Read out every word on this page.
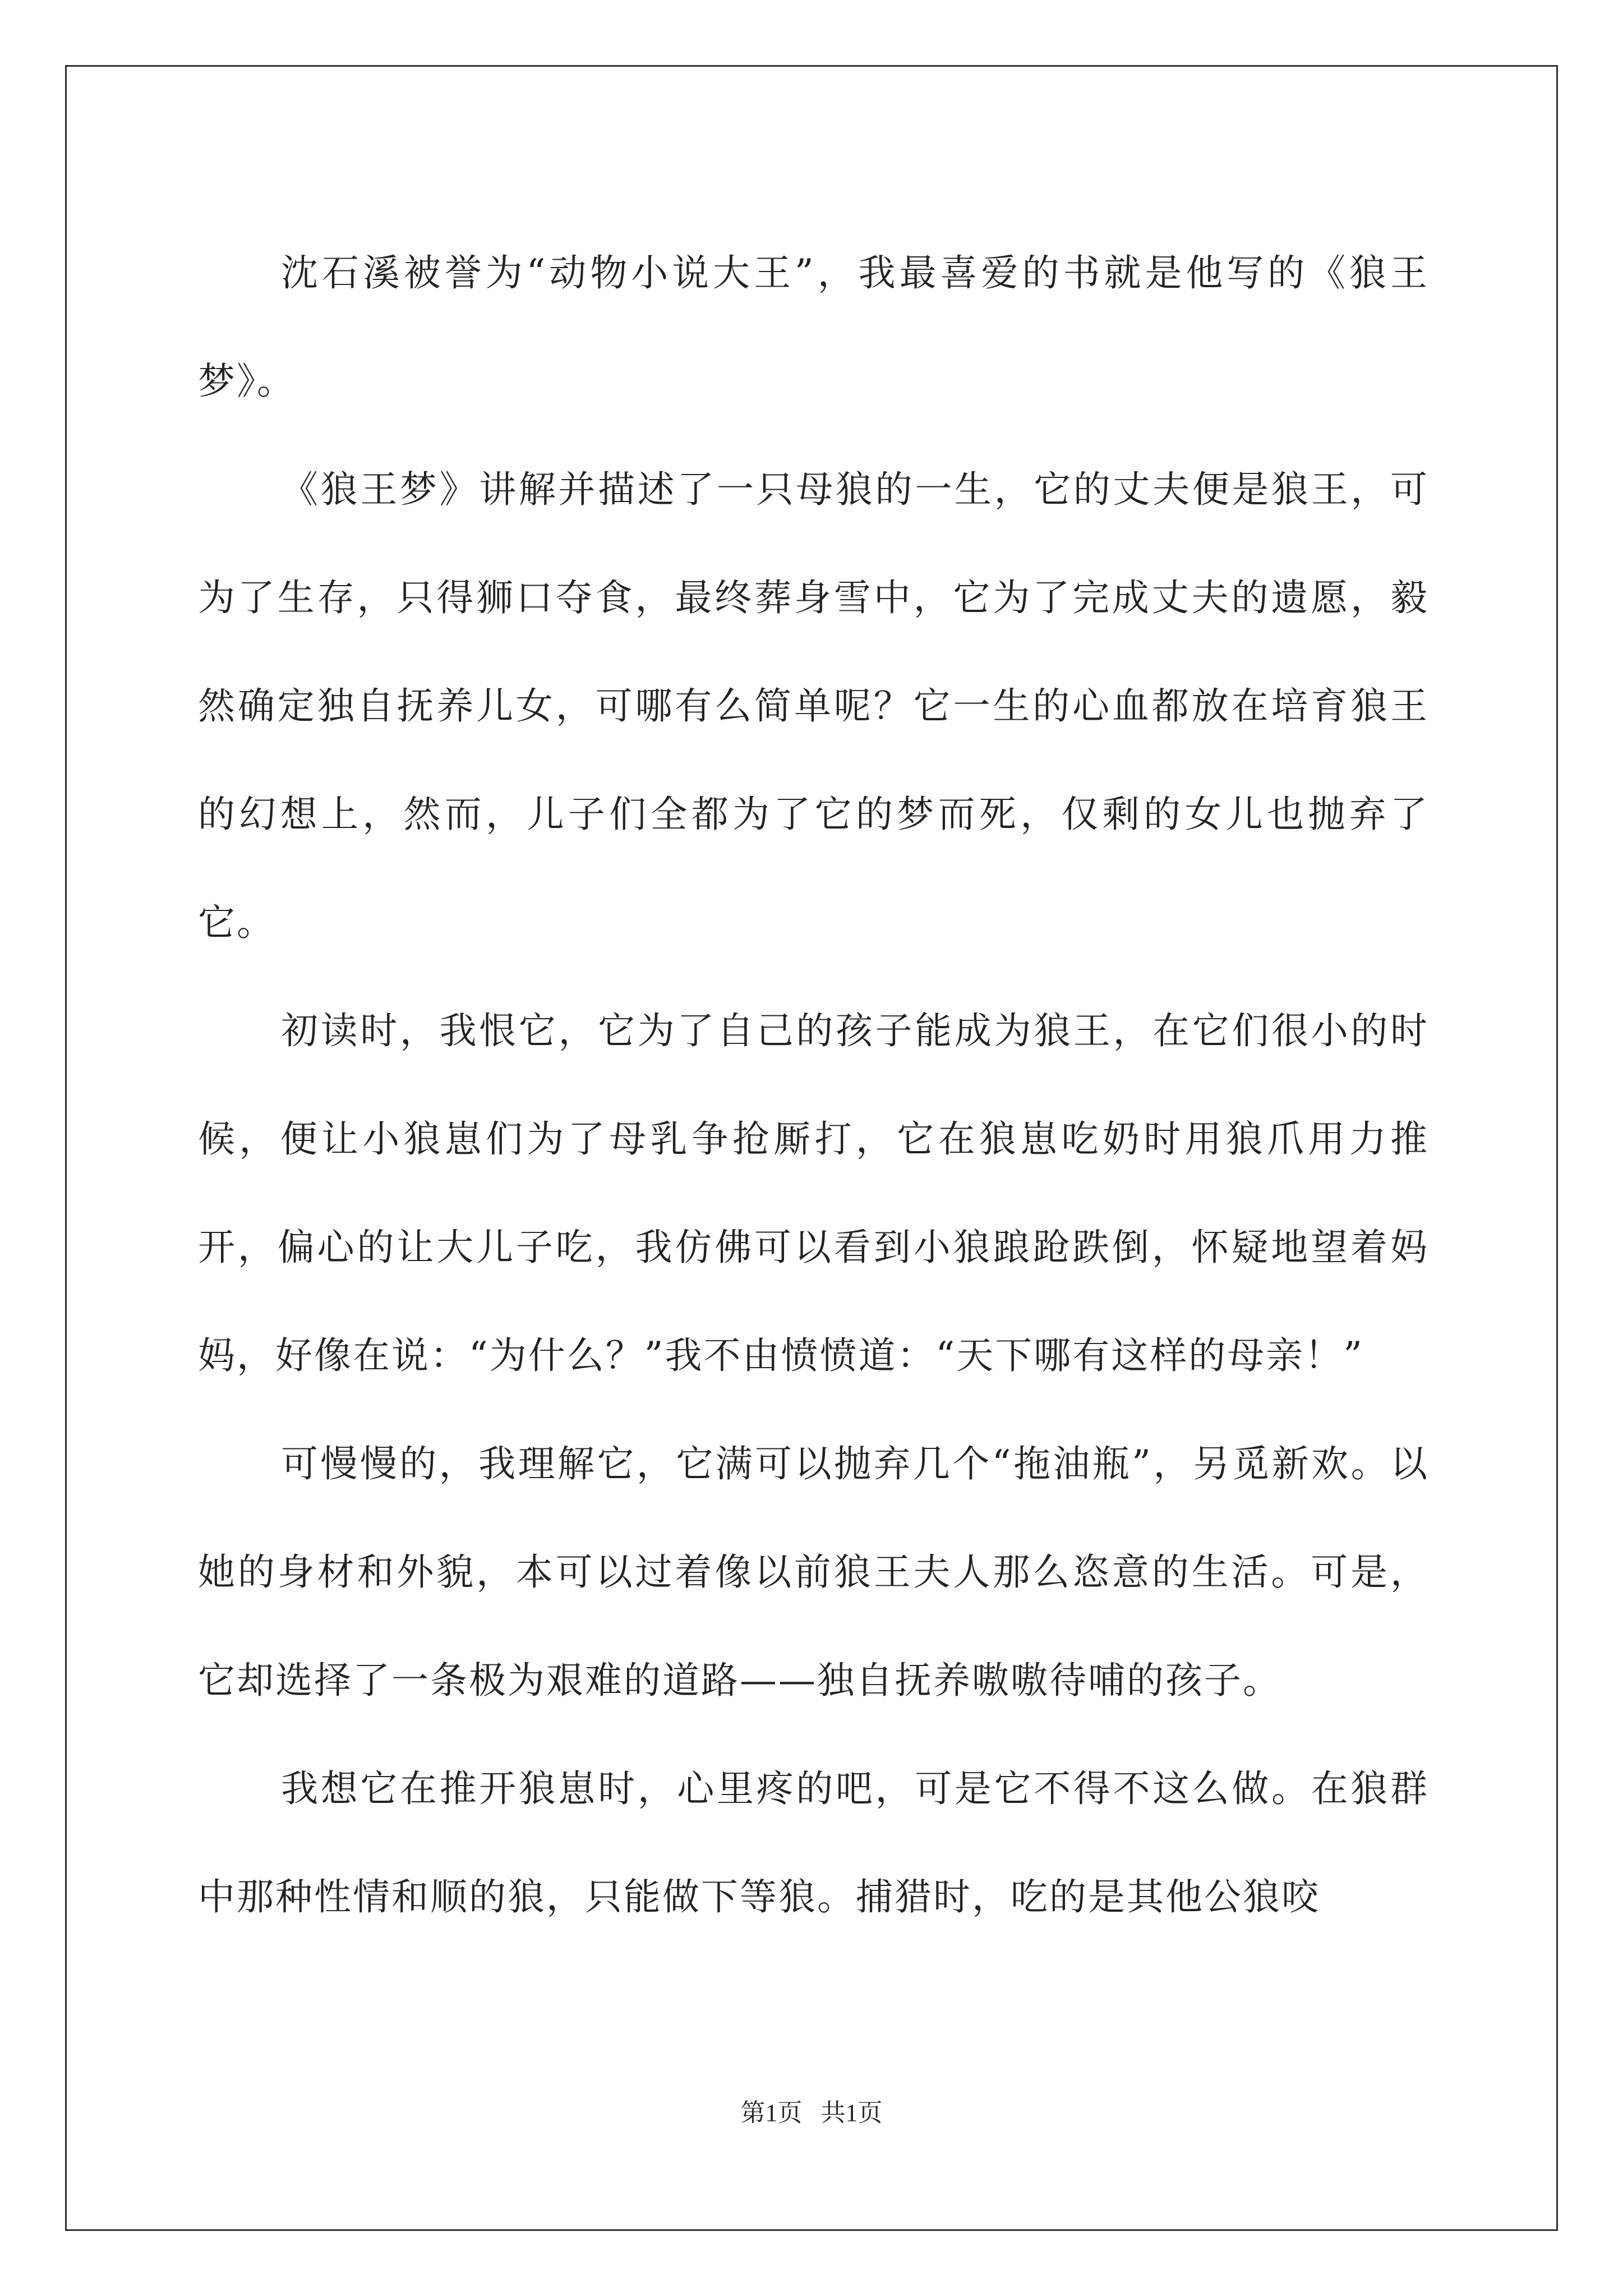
沈石溪被誉为“动物小说大王”，我最喜爱的书就是他写的《狼王梦》。

《狼王梦》讲解并描述了一只母狼的一生，它的丈夫便是狼王，可为了生存，只得狮口夺食，最终葬身雪中，它为了完成丈夫的遗愿，毅然确定独自抚养儿女，可哪有么简单呢？它一生的心血都放在培育狼王的幻想上，然而，儿子们全都为了它的梦而死，仅剩的女儿也抛弃了它。

初读时，我恨它，它为了自己的孩子能成为狼王，在它们很小的时候，便让小狼崽们为了母乳争抢厮打，它在狼崽吃奶时用狼爪用力推开，偏心的让大儿子吃，我仿佛可以看到小狼踉跄跌倒，怀疑地望着妈妈，好像在说：“为什么？”我不由愤愤道：“天下哪有这样的母亲！”

可慢慢的，我理解它，它满可以抛弃几个“拖油瓶”，另觅新欢。以她的身材和外貌，本可以过着像以前狼王夫人那么恣意的生活。可是，它却选择了一条极为艰难的道路——独自抚养嗷嗷待哺的孩子。

我想它在推开狼崽时，心里疼的吧，可是它不得不这么做。在狼群中那种性情和顺的狼，只能做下等狼。捕猎时，吃的是其他公狼咬

第1页 共1页
